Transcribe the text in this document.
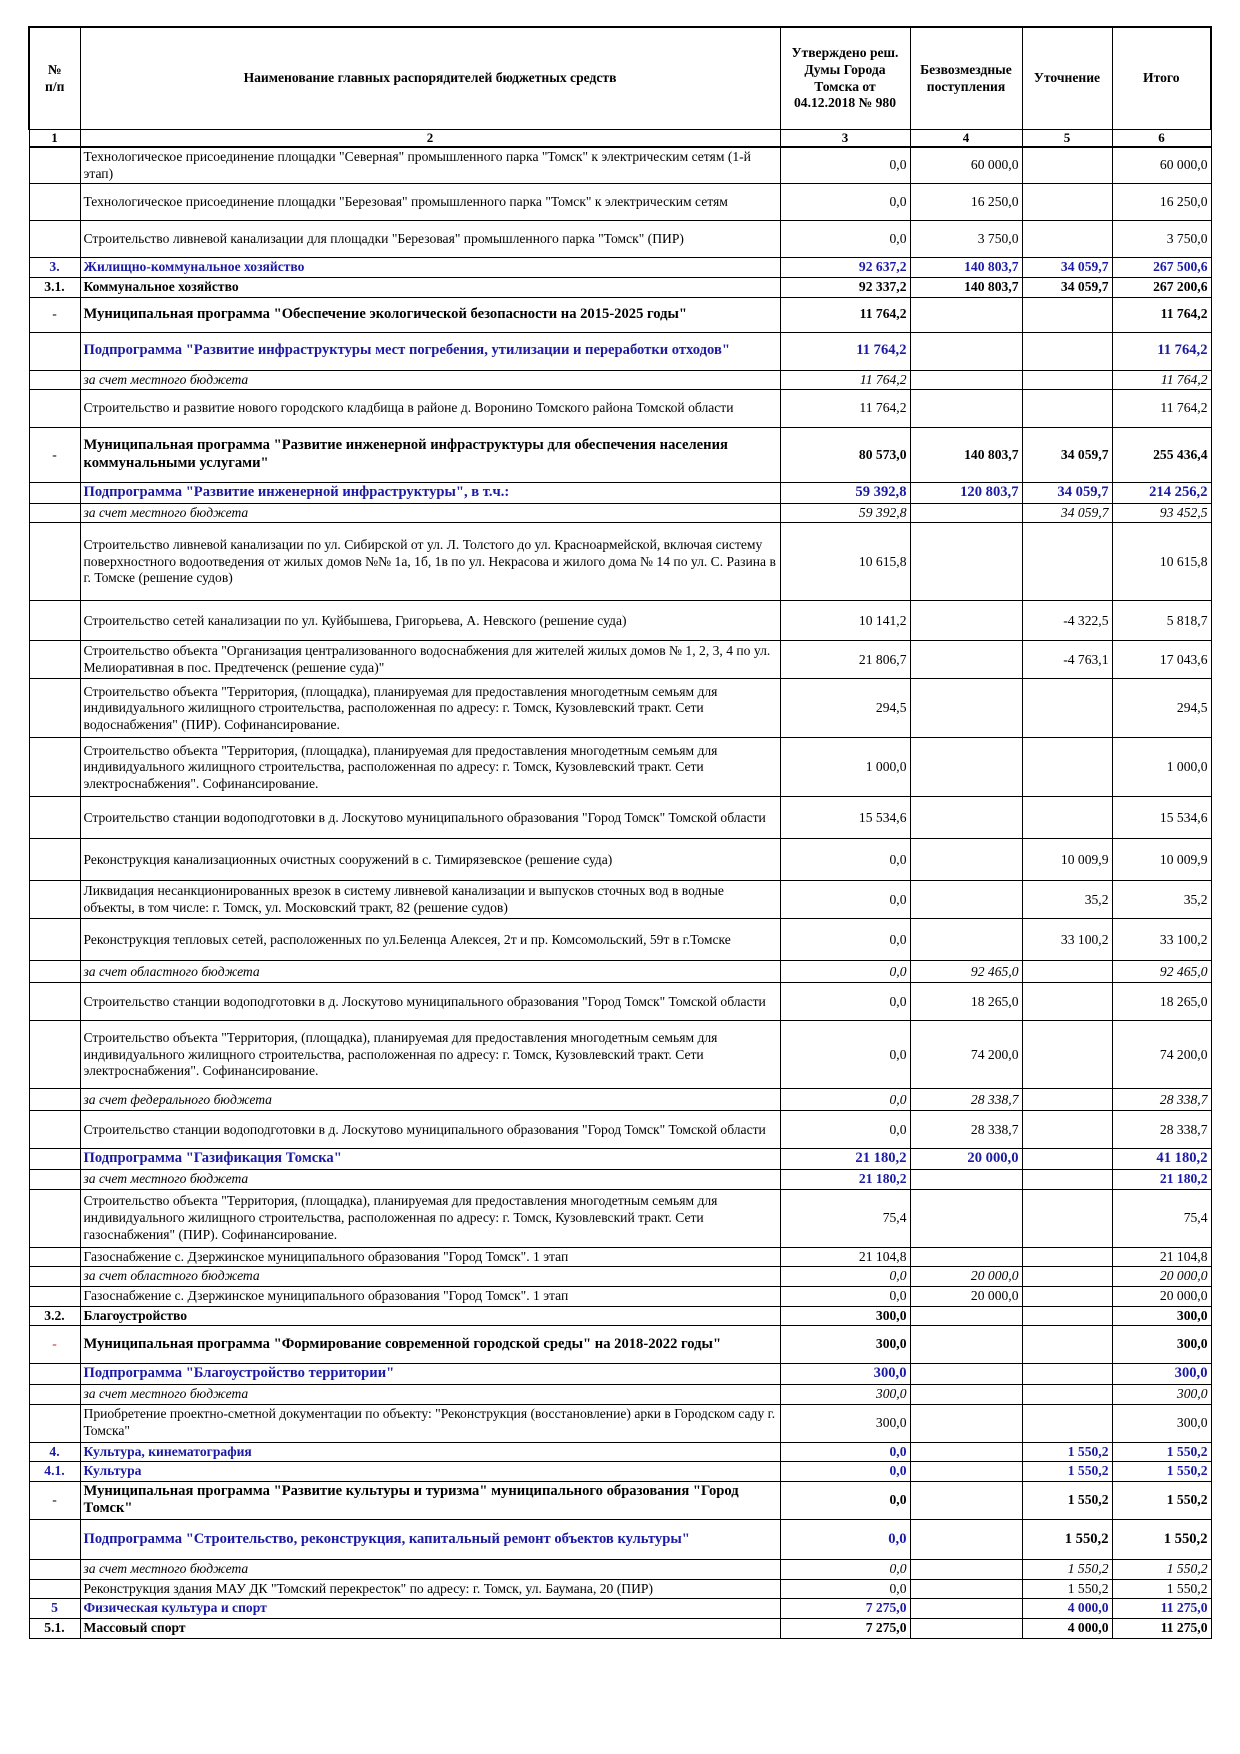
№
п/п	Наименование главных распорядителей бюджетных средств	Утверждено реш. Думы Города Томска от 04.12.2018 № 980	Безвозмездные поступления	Уточнение	Итого
1	2	3	4	5	6
	Технологическое присоединение площадки "Северная" промышленного парка "Томск" к электрическим сетям (1-й этап)	0,0	60 000,0		60 000,0
	Технологическое присоединение площадки "Березовая" промышленного парка "Томск" к электрическим сетям	0,0	16 250,0		16 250,0
	Строительство ливневой канализации для площадки "Березовая" промышленного парка "Томск" (ПИР)	0,0	3 750,0		3 750,0
3.	Жилищно-коммунальное хозяйство	92 637,2	140 803,7	34 059,7	267 500,6
3.1.	Коммунальное хозяйство	92 337,2	140 803,7	34 059,7	267 200,6
-	Муниципальная программа "Обеспечение экологической безопасности на 2015-2025 годы"	11 764,2			11 764,2
	Подпрограмма "Развитие инфраструктуры мест погребения, утилизации и переработки отходов"	11 764,2			11 764,2
	за счет местного бюджета	11 764,2			11 764,2
	Строительство и развитие нового городского кладбища в районе д. Воронино Томского района Томской области	11 764,2			11 764,2
-	Муниципальная программа "Развитие инженерной инфраструктуры для обеспечения населения коммунальными услугами"	80 573,0	140 803,7	34 059,7	255 436,4
	Подпрограмма "Развитие инженерной инфраструктуры", в т.ч.:	59 392,8	120 803,7	34 059,7	214 256,2
	за счет местного бюджета	59 392,8		34 059,7	93 452,5
	Строительство ливневой канализации по ул. Сибирской от ул. Л. Толстого до ул. Красноармейской, включая систему поверхностного водоотведения от жилых домов №№ 1а, 1б, 1в по ул. Некрасова и жилого дома № 14 по ул. С. Разина в г. Томске (решение судов)	10 615,8			10 615,8
	Строительство сетей канализации по ул. Куйбышева, Григорьева, А. Невского (решение суда)	10 141,2		-4 322,5	5 818,7
	Строительство объекта "Организация централизованного водоснабжения для жителей жилых домов № 1, 2, 3, 4 по ул. Мелиоративная в пос. Предтеченск (решение суда)"	21 806,7		-4 763,1	17 043,6
	Строительство объекта "Территория, (площадка), планируемая для предоставления многодетным семьям для индивидуального жилищного строительства, расположенная по адресу: г. Томск, Кузовлевский тракт. Сети водоснабжения" (ПИР). Софинансирование.	294,5			294,5
	Строительство объекта "Территория, (площадка), планируемая для предоставления многодетным семьям для индивидуального жилищного строительства, расположенная по адресу: г. Томск, Кузовлевский тракт. Сети электроснабжения". Софинансирование.	1 000,0			1 000,0
	Строительство станции водоподготовки в д. Лоскутово муниципального образования "Город Томск" Томской области	15 534,6			15 534,6
	Реконструкция канализационных очистных сооружений в с. Тимирязевское (решение суда)	0,0		10 009,9	10 009,9
	Ликвидация несанкционированных врезок в систему ливневой канализации и выпусков сточных вод в водные объекты, в том числе: г. Томск, ул. Московский тракт, 82 (решение судов)	0,0		35,2	35,2
	Реконструкция тепловых сетей, расположенных по ул.Беленца Алексея, 2т и пр. Комсомольский, 59т в г.Томске	0,0		33 100,2	33 100,2
	за счет областного бюджета	0,0	92 465,0		92 465,0
	Строительство станции водоподготовки в д. Лоскутово муниципального образования "Город Томск" Томской области	0,0	18 265,0		18 265,0
	Строительство объекта "Территория, (площадка), планируемая для предоставления многодетным семьям для индивидуального жилищного строительства, расположенная по адресу: г. Томск, Кузовлевский тракт. Сети электроснабжения". Софинансирование.	0,0	74 200,0		74 200,0
	за счет федерального бюджета	0,0	28 338,7		28 338,7
	Строительство станции водоподготовки в д. Лоскутово муниципального образования "Город Томск" Томской области	0,0	28 338,7		28 338,7
	Подпрограмма "Газификация Томска"	21 180,2	20 000,0		41 180,2
	за счет местного бюджета	21 180,2			21 180,2
	Строительство объекта "Территория, (площадка), планируемая для предоставления многодетным семьям для индивидуального жилищного строительства, расположенная по адресу: г. Томск, Кузовлевский тракт. Сети газоснабжения" (ПИР). Софинансирование.	75,4			75,4
	Газоснабжение с. Дзержинское муниципального образования "Город Томск". 1 этап	21 104,8			21 104,8
	за счет областного бюджета	0,0	20 000,0		20 000,0
	Газоснабжение с. Дзержинское муниципального образования "Город Томск". 1 этап	0,0	20 000,0		20 000,0
3.2.	Благоустройство	300,0			300,0
-	Муниципальная программа "Формирование современной городской среды" на 2018-2022 годы"	300,0			300,0
	Подпрограмма "Благоустройство территории"	300,0			300,0
	за счет местного бюджета	300,0			300,0
	Приобретение проектно-сметной документации по объекту: "Реконструкция (восстановление) арки в Городском саду г. Томска"	300,0			300,0
4.	Культура, кинематография	0,0		1 550,2	1 550,2
4.1.	Культура	0,0		1 550,2	1 550,2
-	Муниципальная программа "Развитие культуры и туризма" муниципального образования "Город Томск"	0,0		1 550,2	1 550,2
	Подпрограмма "Строительство, реконструкция, капитальный ремонт объектов культуры"	0,0		1 550,2	1 550,2
	за счет местного бюджета	0,0		1 550,2	1 550,2
	Реконструкция здания МАУ ДК "Томский перекресток" по адресу: г. Томск, ул. Баумана, 20 (ПИР)	0,0		1 550,2	1 550,2
5	Физическая культура и спорт	7 275,0		4 000,0	11 275,0
5.1.	Массовый спорт	7 275,0		4 000,0	11 275,0
